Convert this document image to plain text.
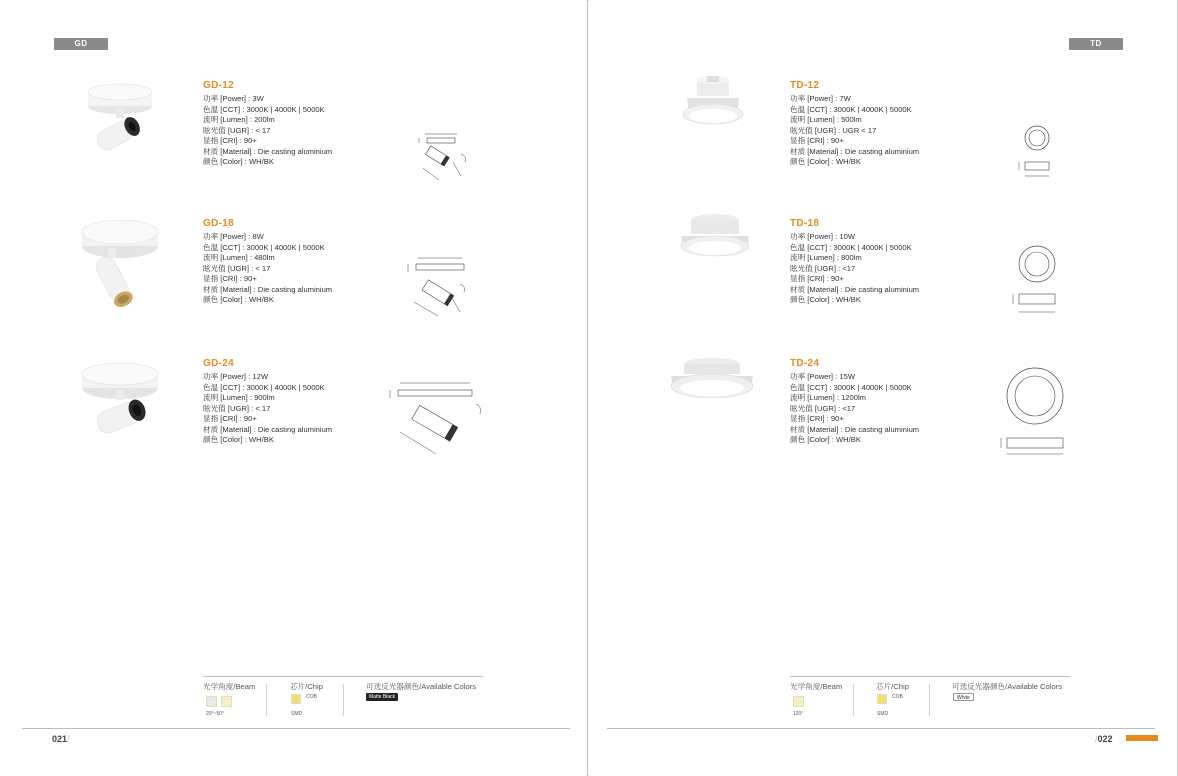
GD
GD-12
功率 [Power] : 3W
色温 [CCT] : 3000K | 4000K | 5000K
流明 [Lumen] : 200lm
眩光值 [UGR] : < 17
显指 [CRI] : 90+
材质 [Material] : Die casting aluminium
颜色 [Color] : WH/BK
GD-18
功率 [Power] : 8W
色温 [CCT] : 3000K | 4000K | 5000K
流明 [Lumen] : 480lm
眩光值 [UGR] : < 17
显指 [CRI] : 90+
材质 [Material] : Die casting aluminium
颜色 [Color] : WH/BK
GD-24
功率 [Power] : 12W
色温 [CCT] : 3000K | 4000K | 5000K
流明 [Lumen] : 900lm
眩光值 [UGR] : < 17
显指 [CRI] : 90+
材质 [Material] : Die casting aluminium
颜色 [Color] : WH/BK
光学角度/Beam
20°~50°
芯片/Chip
COB
SMD
可选反光器颜色/Available Colors
Matte Black
021/
TD
TD-12
功率 [Power] : 7W
色温 [CCT] : 3000K | 4000K | 5000K
流明 [Lumen] : 500lm
眩光值 [UGR] : UGR < 17
显指 [CRI] : 90+
材质 [Material] : Die casting aluminium
颜色 [Color] : WH/BK
TD-18
功率 [Power] : 10W
色温 [CCT] : 3000K | 4000K | 5000K
流明 [Lumen] : 800lm
眩光值 [UGR] : <17
显指 [CRI] : 90+
材质 [Material] : Die casting aluminium
颜色 [Color] : WH/BK
TD-24
功率 [Power] : 15W
色温 [CCT] : 3000K | 4000K | 5000K
流明 [Lumen] : 1200lm
眩光值 [UGR] : <17
显指 [CRI] : 90+
材质 [Material] : Die casting aluminium
颜色 [Color] : WH/BK
光学角度/Beam
120°
芯片/Chip
COB
SMD
可选反光器颜色/Available Colors
White
/022
